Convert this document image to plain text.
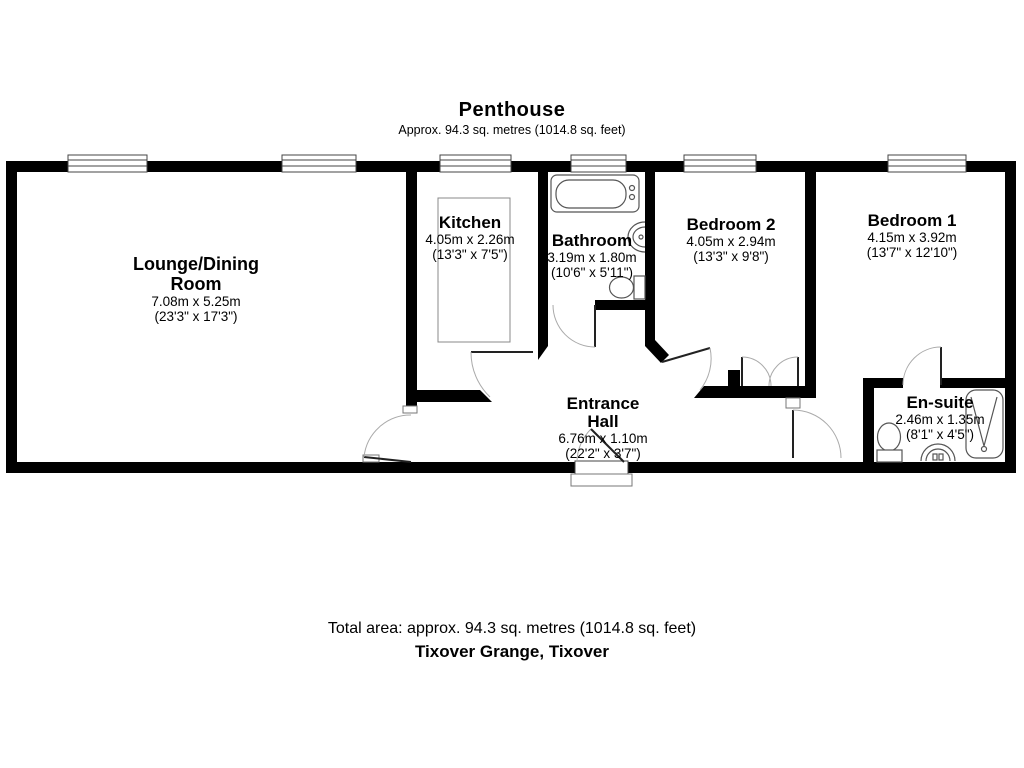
Penthouse
Approx. 94.3 sq. metres (1014.8 sq. feet)
Lounge/Dining
Room
7.08m x 5.25m
(23'3" x 17'3")
Kitchen
4.05m x 2.26m
(13'3" x 7'5")
Bathroom
3.19m x 1.80m
(10'6" x 5'11")
Bedroom 2
4.05m x 2.94m
(13'3" x 9'8")
Bedroom 1
4.15m x 3.92m
(13'7" x 12'10")
Entrance
Hall
6.76m x 1.10m
(22'2" x 3'7")
En-suite
2.46m x 1.35m
(8'1" x 4'5")
Total area: approx. 94.3 sq. metres (1014.8 sq. feet)
Tixover Grange, Tixover
